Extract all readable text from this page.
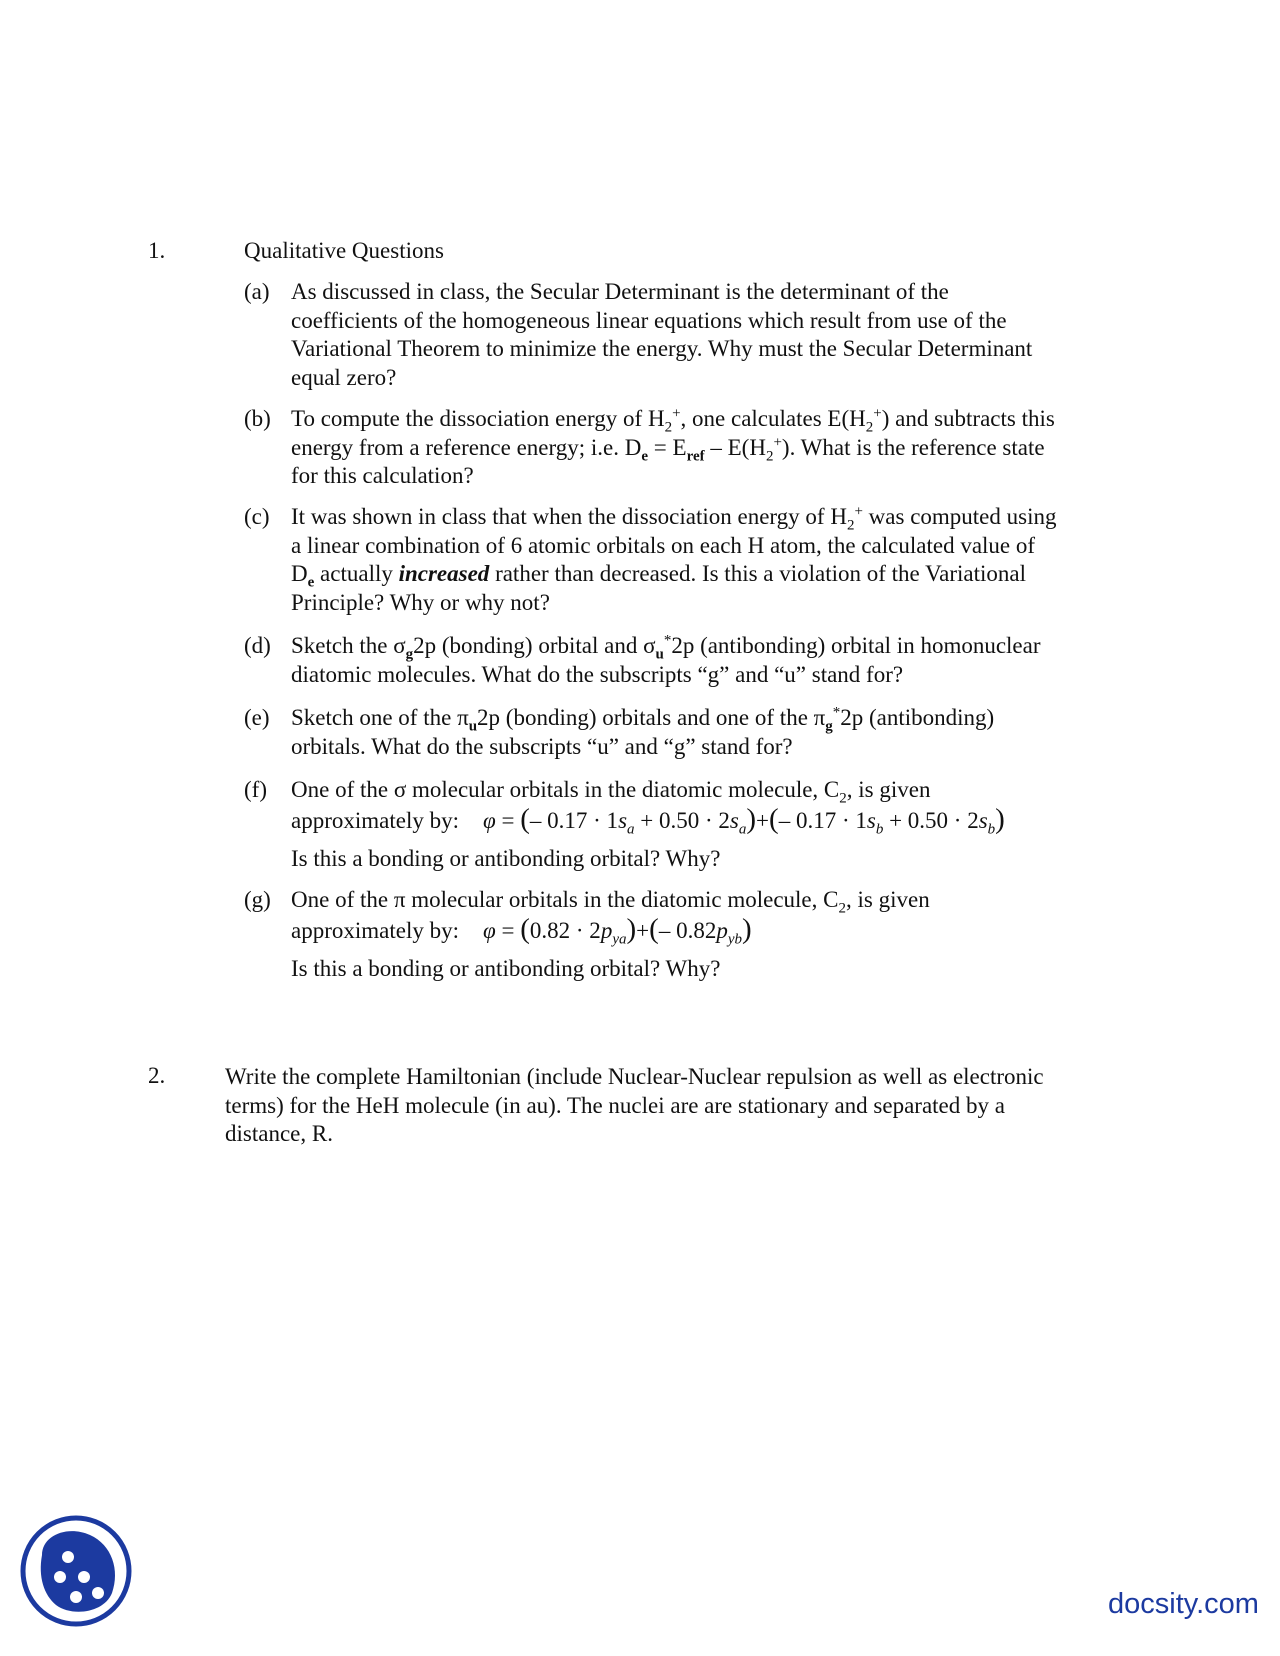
1.	Qualitative Questions
(a) As discussed in class, the Secular Determinant is the determinant of the
coefficients of the homogeneous linear equations which result from use of the
Variational Theorem to minimize the energy. Why must the Secular Determinant
equal zero?
(b) To compute the dissociation energy of $H_2^+$, one calculates $E(H_2^+)$ and subtracts this
energy from a reference energy; i.e. $D_e = E_{ref} - E(H_2^+)$. What is the reference state
for this calculation?
(c) It was shown in class that when the dissociation energy of $H_2^+$ was computed using
a linear combination of 6 atomic orbitals on each H atom, the calculated value of
$D_e$ actually increased rather than decreased. Is this a violation of the Variational
Principle? Why or why not?
(d) Sketch the $\sigma_g2p$ (bonding) orbital and $\sigma_u^*2p$ (antibonding) orbital in homonuclear
diatomic molecules. What do the subscripts “g” and “u” stand for?
(e) Sketch one of the $\pi_u2p$ (bonding) orbitals and one of the $\pi_g^*2p$ (antibonding)
orbitals. What do the subscripts “u” and “g” stand for?
(f) One of the σ molecular orbitals in the diatomic molecule, $C_2$, is given
approximately by: φ = (– $0.17 \cdot 1s_a + 0.50 \cdot 2s_a)+(-$ $0.17 \cdot 1s_b + 0.50 \cdot 2s_b$)
Is this a bonding or antibonding orbital? Why?
(g) One of the π molecular orbitals in the diatomic molecule, $C_2$, is given
approximately by: $\varphi = (0.82 \cdot 2p_{ya})+(-$ $0.82p_{yb}$)
Is this a bonding or antibonding orbital? Why?
2.	Write the complete Hamiltonian (include Nuclear-Nuclear repulsion as well as electronic
terms) for the HeH molecule (in au). The nuclei are are stationary and separated by a
distance, R.
docsity.com
